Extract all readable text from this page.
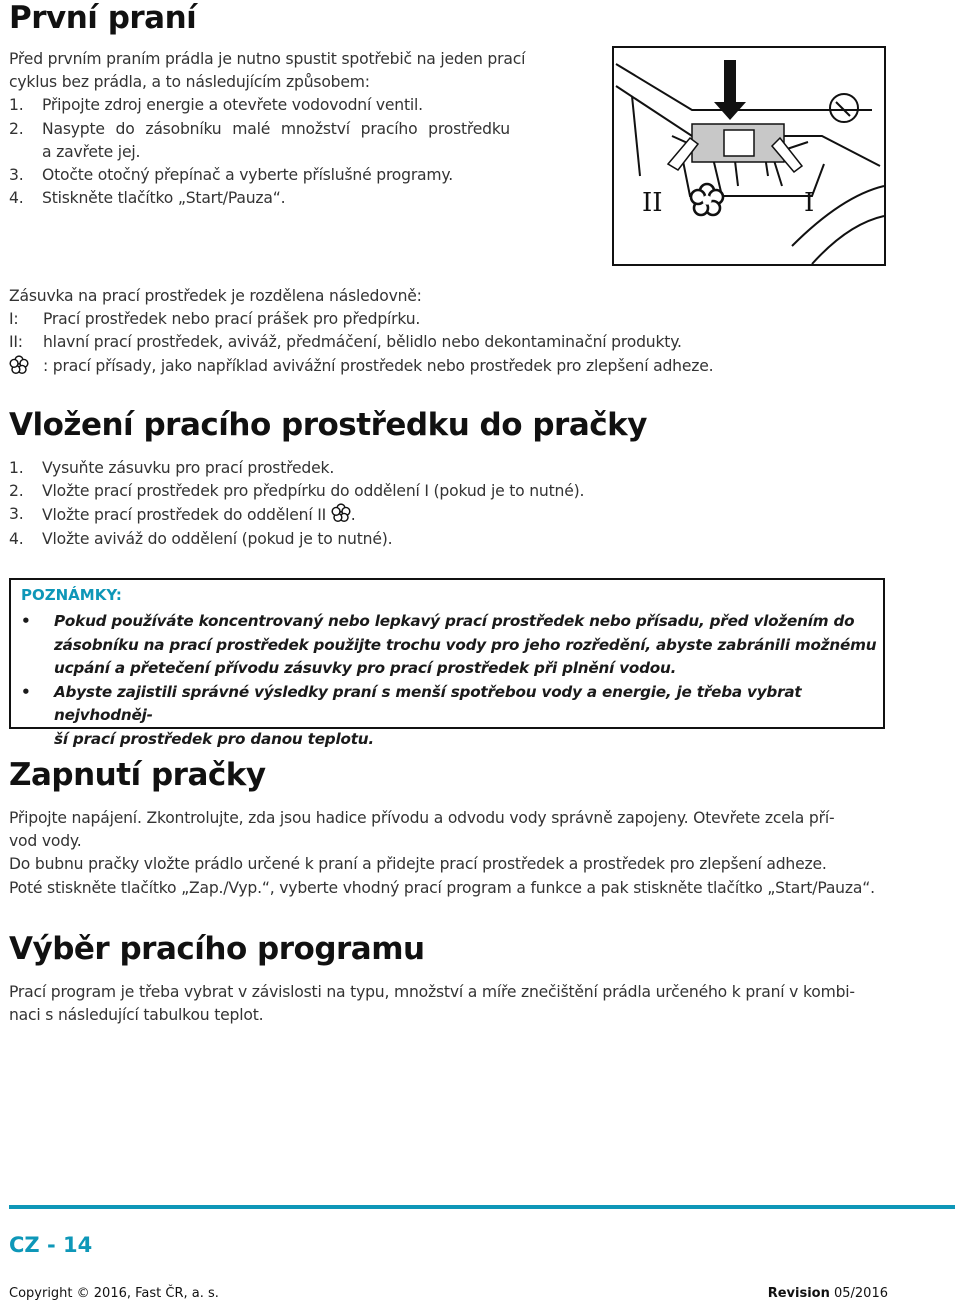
První praní
Před prvním praním prádla je nutno spustit spotřebič na jeden prací
cyklus bez prádla, a to následujícím způsobem:
1.	Připojte zdroj energie a otevřete vodovodní ventil.
2.	Nasypte do zásobníku malé množství pracího prostředku
a zavřete jej.
3.	Otočte otočný přepínač a vyberte příslušné programy.
4.	Stiskněte tlačítko „Start/Pauza“.	II	I
Zásuvka na prací prostředek je rozdělena následovně:
I:	Prací prostředek nebo prací prášek pro předpírku.
II:	hlavní prací prostředek, aviváž, předmáčení, bělidlo nebo dekontaminační produkty.
: prací přísady, jako například avivážní prostředek nebo prostředek pro zlepšení adheze.
Vložení pracího prostředku do pračky
1.	Vysuňte zásuvku pro prací prostředek.
2.	Vložte prací prostředek pro předpírku do oddělení I (pokud je to nutné).
3.	Vložte prací prostředek do oddělení II .
4.	Vložte aviváž do oddělení (pokud je to nutné).
POZNÁMKY:
• Pokud používáte koncentrovaný nebo lepkavý prací prostředek nebo přísadu, před vložením do
zásobníku na prací prostředek použijte trochu vody pro jeho rozředění, abyste zabránili možnému
ucpání a přetečení přívodu zásuvky pro prací prostředek při plnění vodou.
• Abyste zajistili správné výsledky praní s menší spotřebou vody a energie, je třeba vybrat nejvhodněj-
ší prací prostředek pro danou teplotu.
Zapnutí pračky
Připojte napájení. Zkontrolujte, zda jsou hadice přívodu a odvodu vody správně zapojeny. Otevřete zcela pří-
vod vody.
Do bubnu pračky vložte prádlo určené k praní a přidejte prací prostředek a prostředek pro zlepšení adheze.
Poté stiskněte tlačítko „Zap./Vyp.“, vyberte vhodný prací program a funkce a pak stiskněte tlačítko „Start/Pauza“.
Výběr pracího programu
Prací program je třeba vybrat v závislosti na typu, množství a míře znečištění prádla určeného k praní v kombi-
naci s následující tabulkou teplot.
CZ - 14
Copyright © 2016, Fast ČR, a. s.	Revision 05/2016
